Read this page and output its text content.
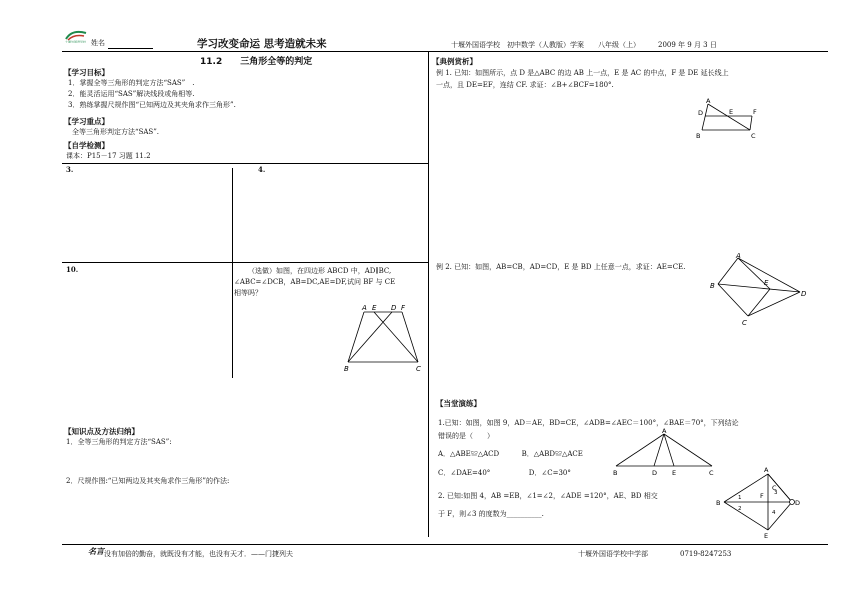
十堰外国语学校 姓名	学习改变命运 思考造就未来	十堰外国语学校　初中数学（人教版）学案　　八年级（上）	2009 年 9 月 3 日
11.2　　三角形全等的判定
【学习目标】
1．掌握全等三角形的判定方法“SAS”　.
2．能灵活运用“SAS”解决线段或角相等.
3．熟练掌握尺规作图“已知两边及其夹角求作三角形”.
【学习重点】
全等三角形判定方法“SAS”.
【自学检测】
课本：P15－17 习题 11.2
3.	4.
10.	（选做）如图，在四边形 ABCD 中，AD∥BC,
∠ABC=∠DCB，AB=DC,AE=DF,试问 BF 与 CE
相等吗？
A E D F
B	C
【知识点及方法归纳】
1．全等三角形的判定方法“SAS”:
2．尺规作图:“已知两边及其夹角求作三角形”的作法:
【典例赏析】
例 1. 已知：如图所示，点 D 是△ABC 的边 AB 上一点，E 是 AC 的中点，F 是 DE 延长线上
一点，且 DE=EF，连结 CF. 求证：∠B+∠BCF=180°.
A
D	E	F
B	C
例 2. 已知：如图，AB=CB，AD=CD，E 是 BD 上任意一点，求证：AE=CE.
A
B	E
D
C
【当堂演练】
1.已知：如图，如图 9，AD＝AE，BD=CE，∠ADB=∠AEC＝100°，∠BAE＝70°，下列结论
错误的是（　　）
A．△ABE≌△ACD	B．△ABD≌△ACE
C．∠DAE=40°	D．∠C=30°
A
B	D E	C
2. 已知:如图 4，AB =EB，∠1=∠2，∠ADE =120°，AE、BD 相交
于 F，则∠3 的度数为__________.
A
B	D
E
F
C
1
2
3
4
名言 没有加倍的勤奋，就既没有才能，也没有天才．——门捷列夫	十堰外国语学校中学部	0719-8247253
